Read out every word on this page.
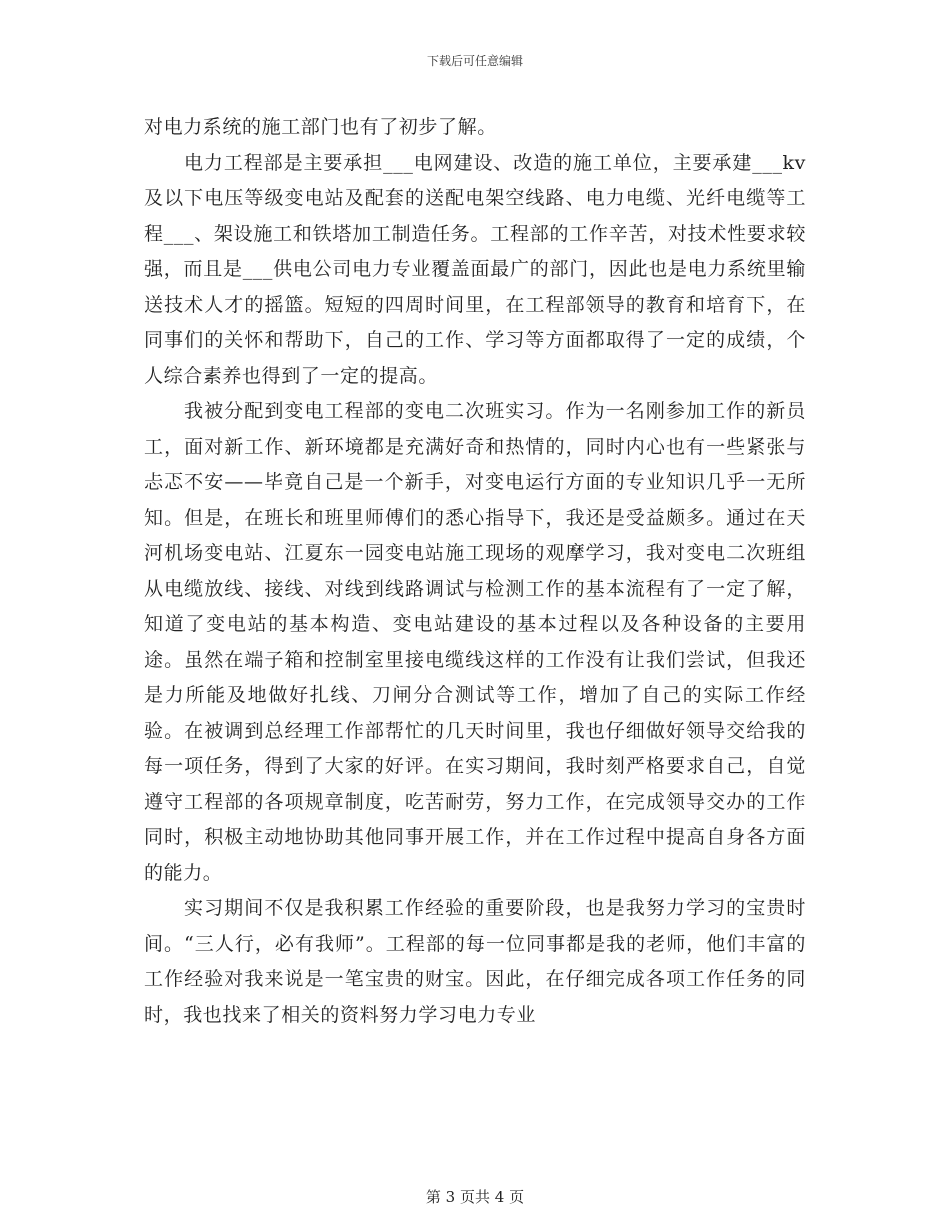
下载后可任意编辑

对电力系统的施工部门也有了初步了解。

电力工程部是主要承担___电网建设、改造的施工单位，主要承建___kv及以下电压等级变电站及配套的送配电架空线路、电力电缆、光纤电缆等工程___、架设施工和铁塔加工制造任务。工程部的工作辛苦，对技术性要求较强，而且是___供电公司电力专业覆盖面最广的部门，因此也是电力系统里输送技术人才的摇篮。短短的四周时间里，在工程部领导的教育和培育下，在同事们的关怀和帮助下，自己的工作、学习等方面都取得了一定的成绩，个人综合素养也得到了一定的提高。

我被分配到变电工程部的变电二次班实习。作为一名刚参加工作的新员工，面对新工作、新环境都是充满好奇和热情的，同时内心也有一些紧张与忐忑不安——毕竟自己是一个新手，对变电运行方面的专业知识几乎一无所知。但是，在班长和班里师傅们的悉心指导下，我还是受益颇多。通过在天河机场变电站、江夏东一园变电站施工现场的观摩学习，我对变电二次班组从电缆放线、接线、对线到线路调试与检测工作的基本流程有了一定了解，知道了变电站的基本构造、变电站建设的基本过程以及各种设备的主要用途。虽然在端子箱和控制室里接电缆线这样的工作没有让我们尝试，但我还是力所能及地做好扎线、刀闸分合测试等工作，增加了自己的实际工作经验。在被调到总经理工作部帮忙的几天时间里，我也仔细做好领导交给我的每一项任务，得到了大家的好评。在实习期间，我时刻严格要求自己，自觉遵守工程部的各项规章制度，吃苦耐劳，努力工作，在完成领导交办的工作同时，积极主动地协助其他同事开展工作，并在工作过程中提高自身各方面的能力。

实习期间不仅是我积累工作经验的重要阶段，也是我努力学习的宝贵时间。“三人行，必有我师”。工程部的每一位同事都是我的老师，他们丰富的工作经验对我来说是一笔宝贵的财宝。因此，在仔细完成各项工作任务的同时，我也找来了相关的资料努力学习电力专业

第 3 页共 4 页
